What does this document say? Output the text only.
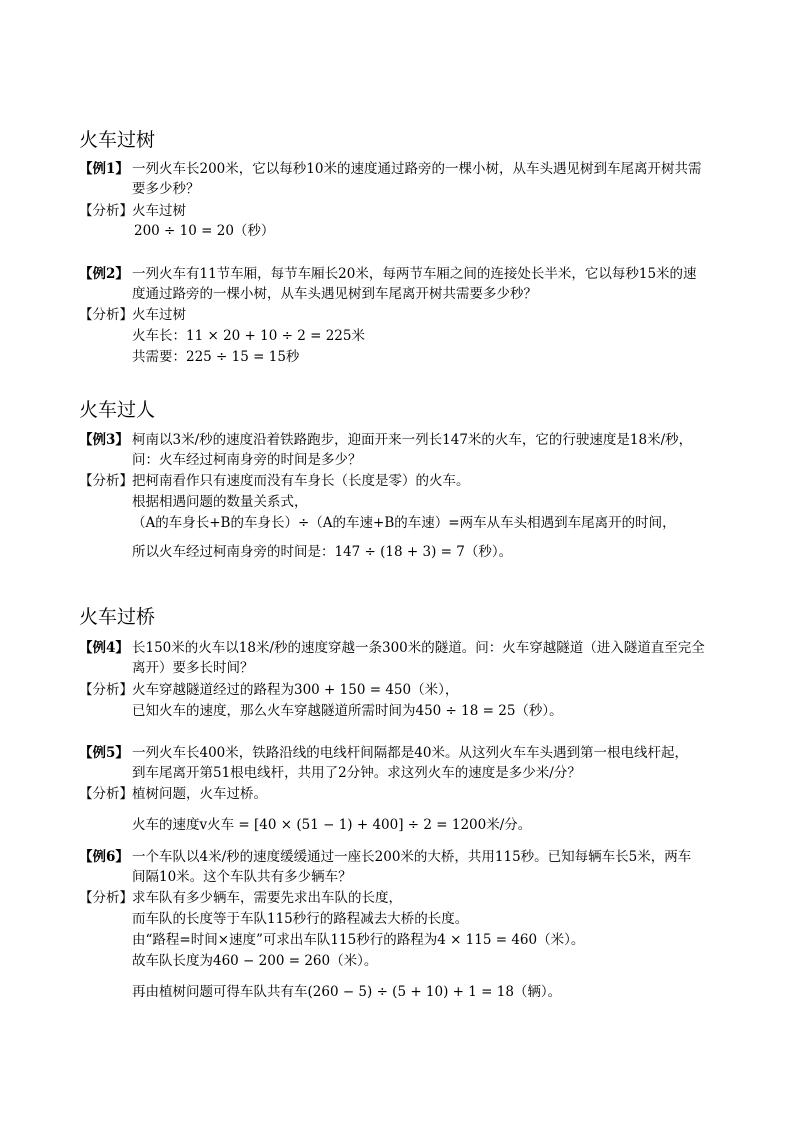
火车过树
【例1】 一列火车长200米，它以每秒10米的速度通过路旁的一棵小树，从车头遇见树到车尾离开树共需
要多少秒？
【分析】 火车过树
200 ÷ 10 = 20（秒）
【例2】 一列火车有11节车厢，每节车厢长20米，每两节车厢之间的连接处长半米，它以每秒15米的速
度通过路旁的一棵小树，从车头遇见树到车尾离开树共需要多少秒？
【分析】 火车过树
火车长：11 × 20 + 10 ÷ 2 = 225米
共需要：225 ÷ 15 = 15秒
火车过人
【例3】 柯南以3米/秒的速度沿着铁路跑步，迎面开来一列长147米的火车，它的行驶速度是18米/秒，
问：火车经过柯南身旁的时间是多少？
【分析】 把柯南看作只有速度而没有车身长（长度是零）的火车。
根据相遇问题的数量关系式，
（A的车身长+B的车身长）÷（A的车速+B的车速）=两车从车头相遇到车尾离开的时间，
所以火车经过柯南身旁的时间是：147 ÷ (18 + 3) = 7（秒）。
火车过桥
【例4】 长150米的火车以18米/秒的速度穿越一条300米的隧道。问：火车穿越隧道（进入隧道直至完全
离开）要多长时间？
【分析】 火车穿越隧道经过的路程为300 + 150 = 450（米），
已知火车的速度，那么火车穿越隧道所需时间为450 ÷ 18 = 25（秒）。
【例5】 一列火车长400米，铁路沿线的电线杆间隔都是40米。从这列火车车头遇到第一根电线杆起，
到车尾离开第51根电线杆，共用了2分钟。求这列火车的速度是多少米/分？
【分析】 植树问题，火车过桥。
火车的速度v火车 = [40 × (51 − 1) + 400] ÷ 2 = 1200米/分。
【例6】 一个车队以4米/秒的速度缓缓通过一座长200米的大桥，共用115秒。已知每辆车长5米，两车
间隔10米。这个车队共有多少辆车？
【分析】 求车队有多少辆车，需要先求出车队的长度，
而车队的长度等于车队115秒行的路程减去大桥的长度。
由“路程=时间×速度”可求出车队115秒行的路程为4 × 115 = 460（米）。
故车队长度为460 − 200 = 260（米）。
再由植树问题可得车队共有车(260 − 5) ÷ (5 + 10) + 1 = 18（辆）。
